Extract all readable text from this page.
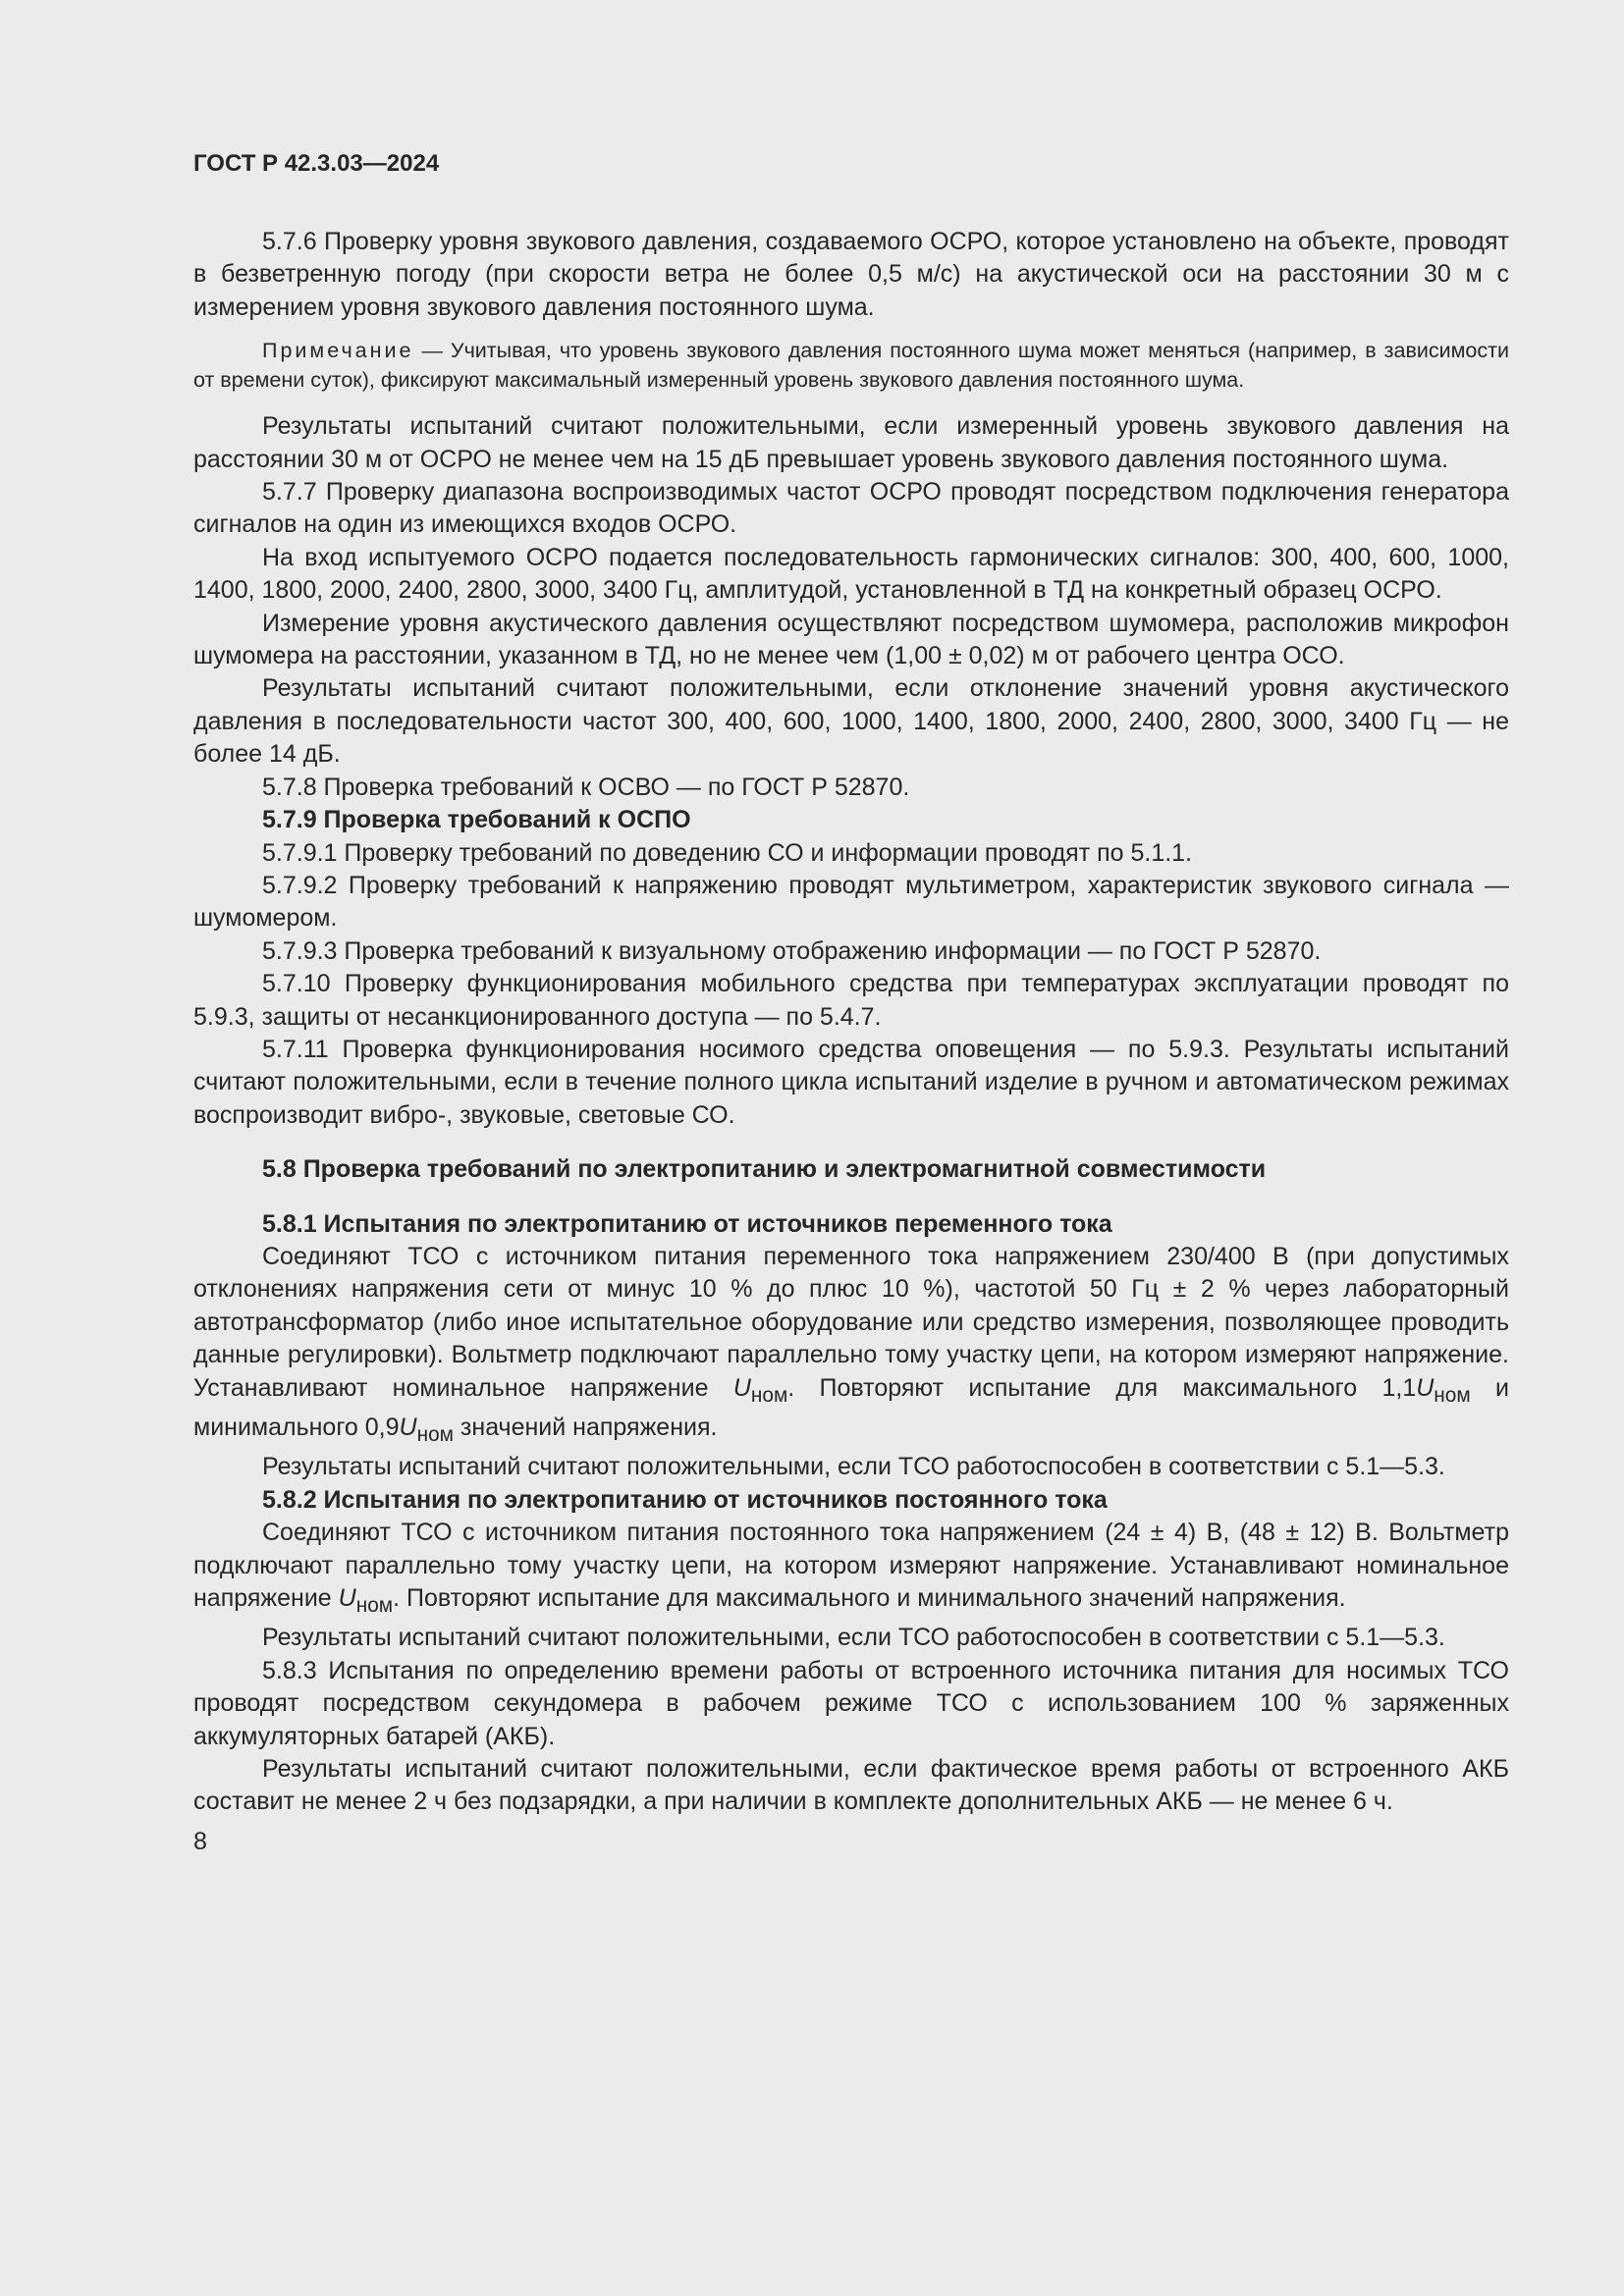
ГОСТ Р 42.3.03—2024

5.7.6 Проверку уровня звукового давления, создаваемого ОСРО, которое установлено на объекте, проводят в безветренную погоду (при скорости ветра не более 0,5 м/с) на акустической оси на расстоянии 30 м с измерением уровня звукового давления постоянного шума.

Примечание — Учитывая, что уровень звукового давления постоянного шума может меняться (например, в зависимости от времени суток), фиксируют максимальный измеренный уровень звукового давления постоянного шума.

Результаты испытаний считают положительными, если измеренный уровень звукового давления на расстоянии 30 м от ОСРО не менее чем на 15 дБ превышает уровень звукового давления постоянного шума.

5.7.7 Проверку диапазона воспроизводимых частот ОСРО проводят посредством подключения генератора сигналов на один из имеющихся входов ОСРО.

На вход испытуемого ОСРО подается последовательность гармонических сигналов: 300, 400, 600, 1000, 1400, 1800, 2000, 2400, 2800, 3000, 3400 Гц, амплитудой, установленной в ТД на конкретный образец ОСРО.

Измерение уровня акустического давления осуществляют посредством шумомера, расположив микрофон шумомера на расстоянии, указанном в ТД, но не менее чем (1,00 ± 0,02) м от рабочего центра ОСО.

Результаты испытаний считают положительными, если отклонение значений уровня акустического давления в последовательности частот 300, 400, 600, 1000, 1400, 1800, 2000, 2400, 2800, 3000, 3400 Гц — не более 14 дБ.

5.7.8 Проверка требований к ОСВО — по ГОСТ Р 52870.

5.7.9 Проверка требований к ОСПО

5.7.9.1 Проверку требований по доведению СО и информации проводят по 5.1.1.

5.7.9.2 Проверку требований к напряжению проводят мультиметром, характеристик звукового сигнала — шумомером.

5.7.9.3 Проверка требований к визуальному отображению информации — по ГОСТ Р 52870.

5.7.10 Проверку функционирования мобильного средства при температурах эксплуатации проводят по 5.9.3, защиты от несанкционированного доступа — по 5.4.7.

5.7.11 Проверка функционирования носимого средства оповещения — по 5.9.3. Результаты испытаний считают положительными, если в течение полного цикла испытаний изделие в ручном и автоматическом режимах воспроизводит вибро-, звуковые, световые СО.

5.8 Проверка требований по электропитанию и электромагнитной совместимости

5.8.1 Испытания по электропитанию от источников переменного тока

Соединяют ТСО с источником питания переменного тока напряжением 230/400 В (при допустимых отклонениях напряжения сети от минус 10 % до плюс 10 %), частотой 50 Гц ± 2 % через лабораторный автотрансформатор (либо иное испытательное оборудование или средство измерения, позволяющее проводить данные регулировки). Вольтметр подключают параллельно тому участку цепи, на котором измеряют напряжение. Устанавливают номинальное напряжение $U_{ном}$. Повторяют испытание для максимального $1,1U_{ном}$ и минимального $0,9U_{ном}$ значений напряжения.

Результаты испытаний считают положительными, если ТСО работоспособен в соответствии с 5.1—5.3.

5.8.2 Испытания по электропитанию от источников постоянного тока

Соединяют ТСО с источником питания постоянного тока напряжением (24 ± 4) В, (48 ± 12) В. Вольтметр подключают параллельно тому участку цепи, на котором измеряют напряжение. Устанавливают номинальное напряжение $U_{ном}$. Повторяют испытание для максимального и минимального значений напряжения.

Результаты испытаний считают положительными, если ТСО работоспособен в соответствии с 5.1—5.3.

5.8.3 Испытания по определению времени работы от встроенного источника питания для носимых ТСО проводят посредством секундомера в рабочем режиме ТСО с использованием 100 % заряженных аккумуляторных батарей (АКБ).

Результаты испытаний считают положительными, если фактическое время работы от встроенного АКБ составит не менее 2 ч без подзарядки, а при наличии в комплекте дополнительных АКБ — не менее 6 ч.

8
